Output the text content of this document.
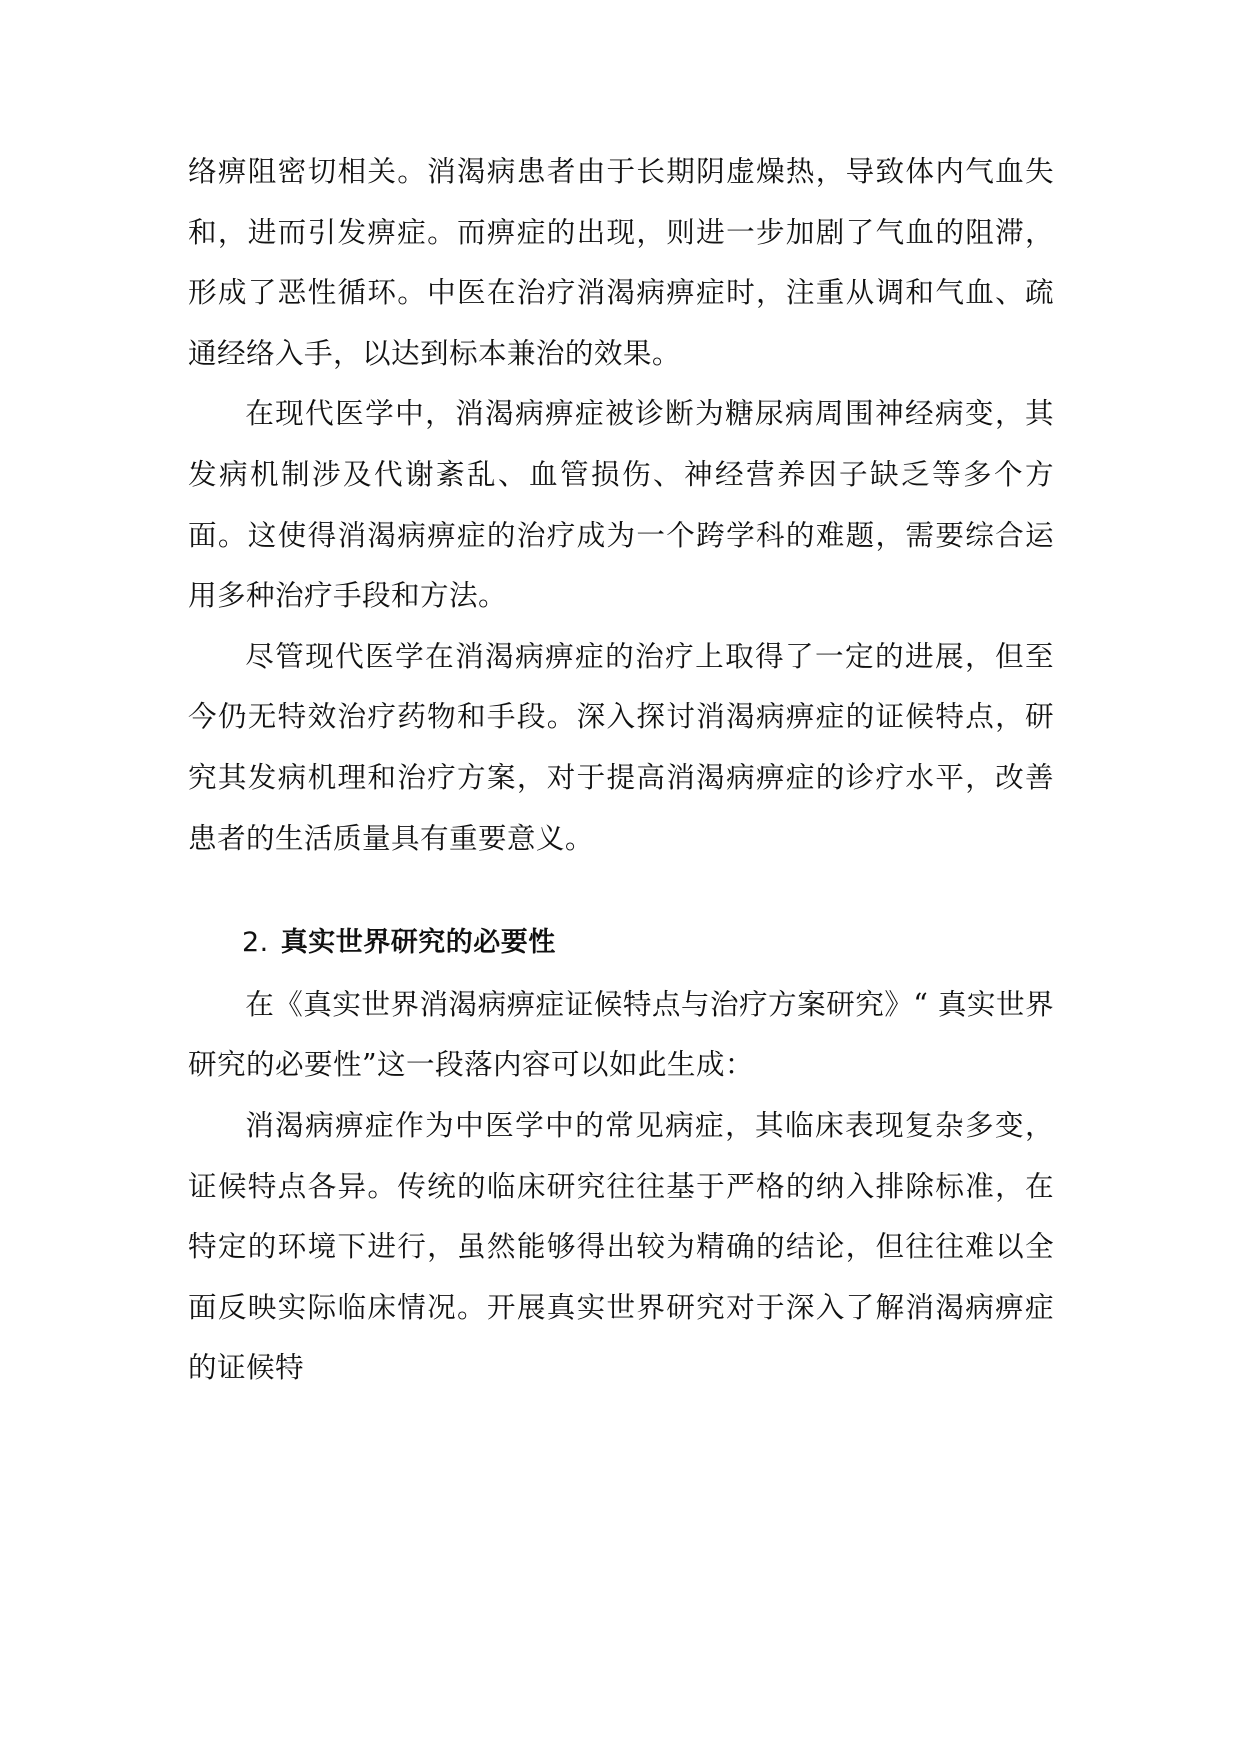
络痹阻密切相关。消渴病患者由于长期阴虚燥热，导致体内气血失和，进而引发痹症。而痹症的出现，则进一步加剧了气血的阻滞，形成了恶性循环。中医在治疗消渴病痹症时，注重从调和气血、疏通经络入手，以达到标本兼治的效果。

在现代医学中，消渴病痹症被诊断为糖尿病周围神经病变，其发病机制涉及代谢紊乱、血管损伤、神经营养因子缺乏等多个方面。这使得消渴病痹症的治疗成为一个跨学科的难题，需要综合运用多种治疗手段和方法。

尽管现代医学在消渴病痹症的治疗上取得了一定的进展，但至今仍无特效治疗药物和手段。深入探讨消渴病痹症的证候特点，研究其发病机理和治疗方案，对于提高消渴病痹症的诊疗水平，改善患者的生活质量具有重要意义。

2. 真实世界研究的必要性

在《真实世界消渴病痹症证候特点与治疗方案研究》“ 真实世界研究的必要性”这一段落内容可以如此生成：

消渴病痹症作为中医学中的常见病症，其临床表现复杂多变，证候特点各异。传统的临床研究往往基于严格的纳入排除标准，在特定的环境下进行，虽然能够得出较为精确的结论，但往往难以全面反映实际临床情况。开展真实世界研究对于深入了解消渴病痹症的证候特
